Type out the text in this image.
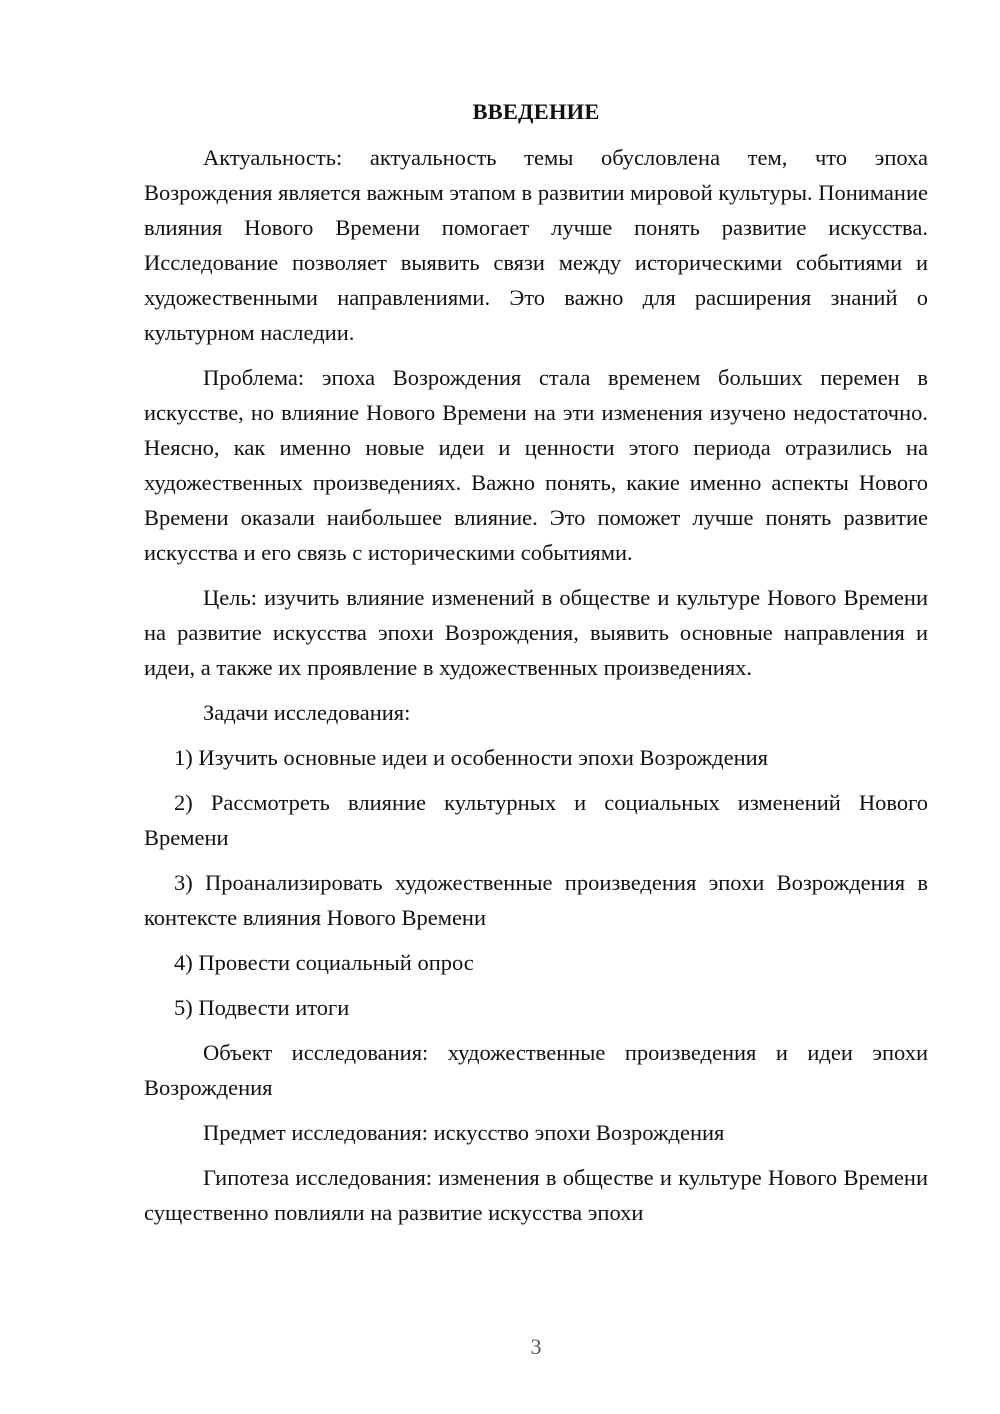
ВВЕДЕНИЕ

Актуальность: актуальность темы обусловлена тем, что эпоха Возрождения является важным этапом в развитии мировой культуры. Понимание влияния Нового Времени помогает лучше понять развитие искусства. Исследование позволяет выявить связи между историческими событиями и художественными направлениями. Это важно для расширения знаний о культурном наследии.

Проблема: эпоха Возрождения стала временем больших перемен в искусстве, но влияние Нового Времени на эти изменения изучено недостаточно. Неясно, как именно новые идеи и ценности этого периода отразились на художественных произведениях. Важно понять, какие именно аспекты Нового Времени оказали наибольшее влияние. Это поможет лучше понять развитие искусства и его связь с историческими событиями.

Цель: изучить влияние изменений в обществе и культуре Нового Времени на развитие искусства эпохи Возрождения, выявить основные направления и идеи, а также их проявление в художественных произведениях.

Задачи исследования:

1) Изучить основные идеи и особенности эпохи Возрождения

2) Рассмотреть влияние культурных и социальных изменений Нового Времени

3) Проанализировать художественные произведения эпохи Возрождения в контексте влияния Нового Времени

4) Провести социальный опрос

5) Подвести итоги

Объект исследования: художественные произведения и идеи эпохи Возрождения

Предмет исследования: искусство эпохи Возрождения

Гипотеза исследования: изменения в обществе и культуре Нового Времени существенно повлияли на развитие искусства эпохи

3
